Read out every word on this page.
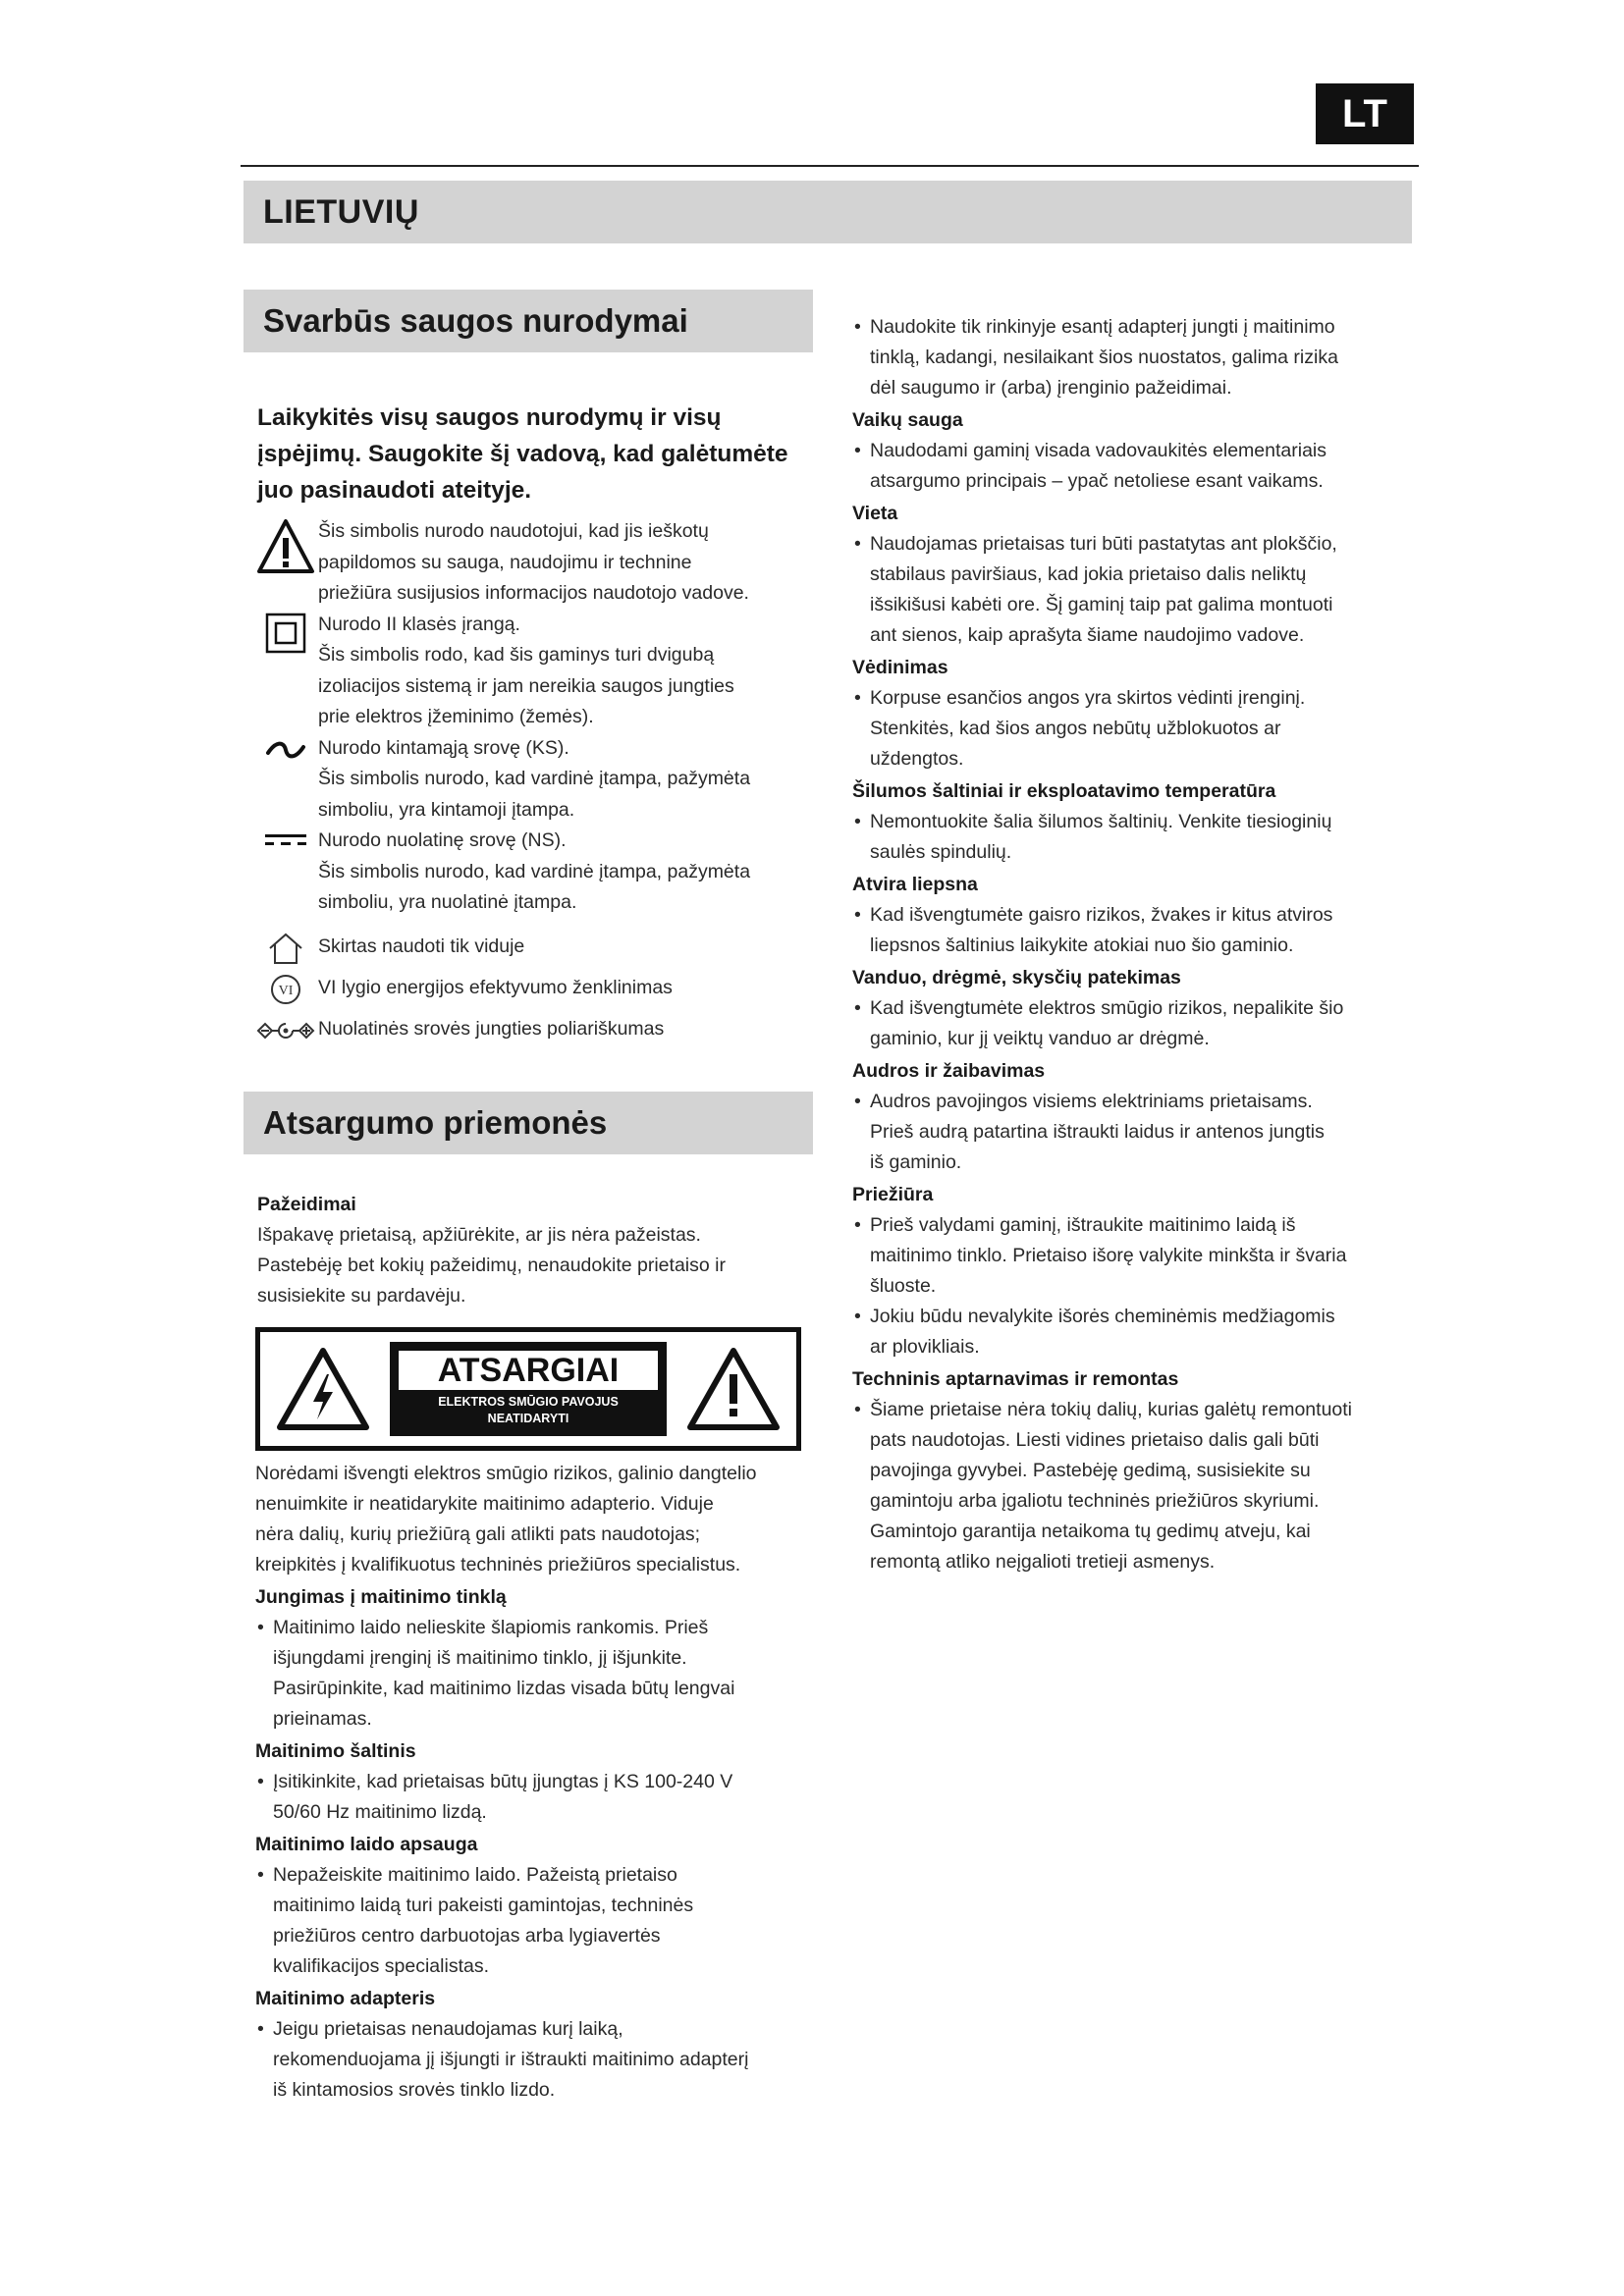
LT
LIETUVIŲ
Svarbūs saugos nurodymai
Laikykitės visų saugos nurodymų ir visų
įspėjimų. Saugokite šį vadovą, kad galėtumėte
juo pasinaudoti ateityje.
Šis simbolis nurodo naudotojui, kad jis ieškotų
papildomos su sauga, naudojimu ir technine
priežiūra susijusios informacijos naudotojo vadove.
Nurodo II klasės įrangą.
Šis simbolis rodo, kad šis gaminys turi dvigubą
izoliacijos sistemą ir jam nereikia saugos jungties
prie elektros įžeminimo (žemės).
Nurodo kintamąją srovę (KS).
Šis simbolis nurodo, kad vardinė įtampa, pažymėta
simboliu, yra kintamoji įtampa.
Nurodo nuolatinę srovę (NS).
Šis simbolis nurodo, kad vardinė įtampa, pažymėta
simboliu, yra nuolatinė įtampa.
Skirtas naudoti tik viduje
VI VI lygio energijos efektyvumo ženklinimas
Nuolatinės srovės jungties poliariškumas
Atsargumo priemonės
Pažeidimai
Išpakavę prietaisą, apžiūrėkite, ar jis nėra pažeistas.
Pastebėję bet kokių pažeidimų, nenaudokite prietaiso ir
susisiekite su pardavėju.
ATSARGIAI
ELEKTROS SMŪGIO PAVOJUS
NEATIDARYTI
Norėdami išvengti elektros smūgio rizikos, galinio dangtelio
nenuimkite ir neatidarykite maitinimo adapterio. Viduje
nėra dalių, kurių priežiūrą gali atlikti pats naudotojas;
kreipkitės į kvalifikuotus techninės priežiūros specialistus.
Jungimas į maitinimo tinklą
• Maitinimo laido nelieskite šlapiomis rankomis. Prieš
išjungdami įrenginį iš maitinimo tinklo, jį išjunkite.
Pasirūpinkite, kad maitinimo lizdas visada būtų lengvai
prieinamas.
Maitinimo šaltinis
• Įsitikinkite, kad prietaisas būtų įjungtas į KS 100-240 V
50/60 Hz maitinimo lizdą.
Maitinimo laido apsauga
• Nepažeiskite maitinimo laido. Pažeistą prietaiso
maitinimo laidą turi pakeisti gamintojas, techninės
priežiūros centro darbuotojas arba lygiavertės
kvalifikacijos specialistas.
Maitinimo adapteris
• Jeigu prietaisas nenaudojamas kurį laiką,
rekomenduojama jį išjungti ir ištraukti maitinimo adapterį
iš kintamosios srovės tinklo lizdo.
• Naudokite tik rinkinyje esantį adapterį jungti į maitinimo
tinklą, kadangi, nesilaikant šios nuostatos, galima rizika
dėl saugumo ir (arba) įrenginio pažeidimai.
Vaikų sauga
• Naudodami gaminį visada vadovaukitės elementariais
atsargumo principais – ypač netoliese esant vaikams.
Vieta
• Naudojamas prietaisas turi būti pastatytas ant plokščio,
stabilaus paviršiaus, kad jokia prietaiso dalis neliktų
išsikišusi kabėti ore. Šį gaminį taip pat galima montuoti
ant sienos, kaip aprašyta šiame naudojimo vadove.
Vėdinimas
• Korpuse esančios angos yra skirtos vėdinti įrenginį.
Stenkitės, kad šios angos nebūtų užblokuotos ar
uždengtos.
Šilumos šaltiniai ir eksploatavimo temperatūra
• Nemontuokite šalia šilumos šaltinių. Venkite tiesioginių
saulės spindulių.
Atvira liepsna
• Kad išvengtumėte gaisro rizikos, žvakes ir kitus atviros
liepsnos šaltinius laikykite atokiai nuo šio gaminio.
Vanduo, drėgmė, skysčių patekimas
• Kad išvengtumėte elektros smūgio rizikos, nepalikite šio
gaminio, kur jį veiktų vanduo ar drėgmė.
Audros ir žaibavimas
• Audros pavojingos visiems elektriniams prietaisams.
Prieš audrą patartina ištraukti laidus ir antenos jungtis
iš gaminio.
Priežiūra
• Prieš valydami gaminį, ištraukite maitinimo laidą iš
maitinimo tinklo. Prietaiso išorę valykite minkšta ir švaria
šluoste.
• Jokiu būdu nevalykite išorės cheminėmis medžiagomis
ar plovikliais.
Techninis aptarnavimas ir remontas
• Šiame prietaise nėra tokių dalių, kurias galėtų remontuoti
pats naudotojas. Liesti vidines prietaiso dalis gali būti
pavojinga gyvybei. Pastebėję gedimą, susisiekite su
gamintoju arba įgaliotu techninės priežiūros skyriumi.
Gamintojo garantija netaikoma tų gedimų atveju, kai
remontą atliko neįgalioti tretieji asmenys.
